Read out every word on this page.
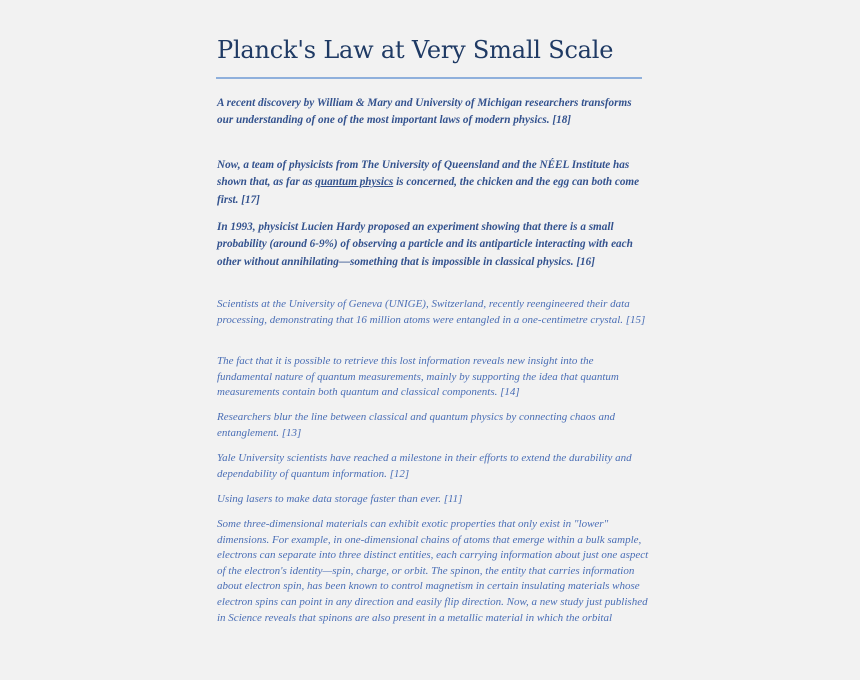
Planck's Law at Very Small Scale

A recent discovery by William & Mary and University of Michigan researchers transforms our understanding of one of the most important laws of modern physics. [18]

Now, a team of physicists from The University of Queensland and the NÉEL Institute has shown that, as far as quantum physics is concerned, the chicken and the egg can both come first. [17]

In 1993, physicist Lucien Hardy proposed an experiment showing that there is a small probability (around 6-9%) of observing a particle and its antiparticle interacting with each other without annihilating—something that is impossible in classical physics. [16]

Scientists at the University of Geneva (UNIGE), Switzerland, recently reengineered their data processing, demonstrating that 16 million atoms were entangled in a one-centimetre crystal. [15]

The fact that it is possible to retrieve this lost information reveals new insight into the fundamental nature of quantum measurements, mainly by supporting the idea that quantum measurements contain both quantum and classical components. [14]

Researchers blur the line between classical and quantum physics by connecting chaos and entanglement. [13]

Yale University scientists have reached a milestone in their efforts to extend the durability and dependability of quantum information. [12]

Using lasers to make data storage faster than ever. [11]

Some three-dimensional materials can exhibit exotic properties that only exist in "lower" dimensions. For example, in one-dimensional chains of atoms that emerge within a bulk sample, electrons can separate into three distinct entities, each carrying information about just one aspect of the electron's identity—spin, charge, or orbit. The spinon, the entity that carries information about electron spin, has been known to control magnetism in certain insulating materials whose electron spins can point in any direction and easily flip direction. Now, a new study just published in Science reveals that spinons are also present in a metallic material in which the orbital
